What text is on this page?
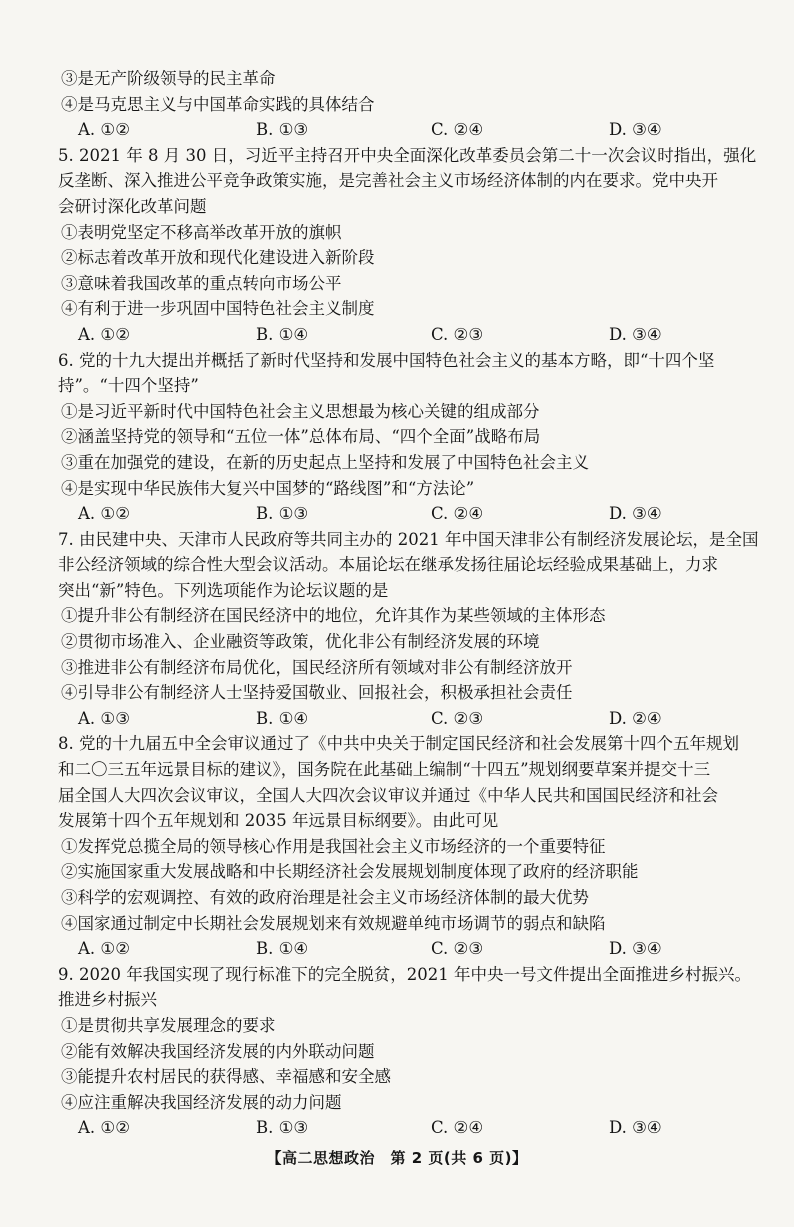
③是无产阶级领导的民主革命
④是马克思主义与中国革命实践的具体结合
A. ①②	B. ①③	C. ②④	D. ③④
5. 2021 年 8 月 30 日，习近平主持召开中央全面深化改革委员会第二十一次会议时指出，强化
反垄断、深入推进公平竞争政策实施，是完善社会主义市场经济体制的内在要求。党中央开
会研讨深化改革问题
①表明党坚定不移高举改革开放的旗帜
②标志着改革开放和现代化建设进入新阶段
③意味着我国改革的重点转向市场公平
④有利于进一步巩固中国特色社会主义制度
A. ①②	B. ①④	C. ②③	D. ③④
6. 党的十九大提出并概括了新时代坚持和发展中国特色社会主义的基本方略，即“十四个坚
持”。“十四个坚持”
①是习近平新时代中国特色社会主义思想最为核心关键的组成部分
②涵盖坚持党的领导和“五位一体”总体布局、“四个全面”战略布局
③重在加强党的建设，在新的历史起点上坚持和发展了中国特色社会主义
④是实现中华民族伟大复兴中国梦的“路线图”和“方法论”
A. ①②	B. ①③	C. ②④	D. ③④
7. 由民建中央、天津市人民政府等共同主办的 2021 年中国天津非公有制经济发展论坛，是全国
非公经济领域的综合性大型会议活动。本届论坛在继承发扬往届论坛经验成果基础上，力求
突出“新”特色。下列选项能作为论坛议题的是
①提升非公有制经济在国民经济中的地位，允许其作为某些领域的主体形态
②贯彻市场准入、企业融资等政策，优化非公有制经济发展的环境
③推进非公有制经济布局优化，国民经济所有领域对非公有制经济放开
④引导非公有制经济人士坚持爱国敬业、回报社会，积极承担社会责任
A. ①③	B. ①④	C. ②③	D. ②④
8. 党的十九届五中全会审议通过了《中共中央关于制定国民经济和社会发展第十四个五年规划
和二〇三五年远景目标的建议》，国务院在此基础上编制“十四五”规划纲要草案并提交十三
届全国人大四次会议审议，全国人大四次会议审议并通过《中华人民共和国国民经济和社会
发展第十四个五年规划和 2035 年远景目标纲要》。由此可见
①发挥党总揽全局的领导核心作用是我国社会主义市场经济的一个重要特征
②实施国家重大发展战略和中长期经济社会发展规划制度体现了政府的经济职能
③科学的宏观调控、有效的政府治理是社会主义市场经济体制的最大优势
④国家通过制定中长期社会发展规划来有效规避单纯市场调节的弱点和缺陷
A. ①②	B. ①④	C. ②③	D. ③④
9. 2020 年我国实现了现行标准下的完全脱贫，2021 年中央一号文件提出全面推进乡村振兴。
推进乡村振兴
①是贯彻共享发展理念的要求
②能有效解决我国经济发展的内外联动问题
③能提升农村居民的获得感、幸福感和安全感
④应注重解决我国经济发展的动力问题
A. ①②	B. ①③	C. ②④	D. ③④
【高二思想政治　第 2 页(共 6 页)】
